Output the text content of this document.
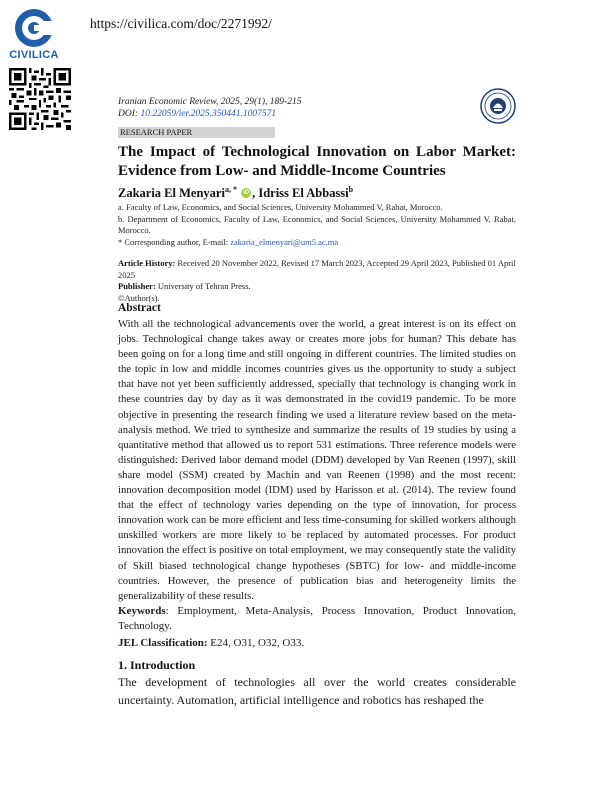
CIVILICA
https://civilica.com/doc/2271992/
Iranian Economic Review, 2025, 29(1), 189-215
DOI: 10.22059/ier.2025.350441.1007571
RESEARCH PAPER
The Impact of Technological Innovation on Labor Market: Evidence from Low- and Middle-Income Countries
Zakaria El Menyari$^{a, *}$ iD , Idriss El Abbassi$^b$
a. Faculty of Law, Economics, and Social Sciences, University Mohammed V, Rabat, Morocco.
b. Department of Economics, Faculty of Law, Economics, and Social Sciences, University Mohammed V, Rabat, Morocco.
* Corresponding author, E-mail: zakaria_elmenyari@um5.ac.ma
Article History: Received 20 November 2022, Revised 17 March 2023, Accepted 29 April 2023, Published 01 April 2025
Publisher: University of Tehran Press.
©Author(s).
Abstract

With all the technological advancements over the world, a great interest is on its effect on jobs. Technological change takes away or creates more jobs for human? This debate has been going on for a long time and still ongoing in different countries. The limited studies on the topic in low and middle incomes countries gives us the opportunity to study a subject that have not yet been sufficiently addressed, specially that technology is changing work in these countries day by day as it was demonstrated in the covid19 pandemic. To be more objective in presenting the research finding we used a literature review based on the meta-analysis method. We tried to synthesize and summarize the results of 19 studies by using a quantitative method that allowed us to report 531 estimations. Three reference models were distinguished: Derived labor demand model (DDM) developed by Van Reenen (1997), skill share model (SSM) created by Machin and van Reenen (1998) and the most recent: innovation decomposition model (IDM) used by Harisson et al. (2014). The review found that the effect of technology varies depending on the type of innovation, for process innovation work can be more efficient and less time-consuming for skilled workers although unskilled workers are more likely to be replaced by automated processes. For product innovation the effect is positive on total employment, we may consequently state the validity of Skill biased technological change hypotheses (SBTC) for low- and middle-income countries. However, the presence of publication bias and heterogeneity limits the generalizability of these results.

Keywords: Employment, Meta-Analysis, Process Innovation, Product Innovation, Technology.
JEL Classification: E24, O31, O32, O33.
1. Introduction

The development of technologies all over the world creates considerable uncertainty. Automation, artificial intelligence and robotics has reshaped the
